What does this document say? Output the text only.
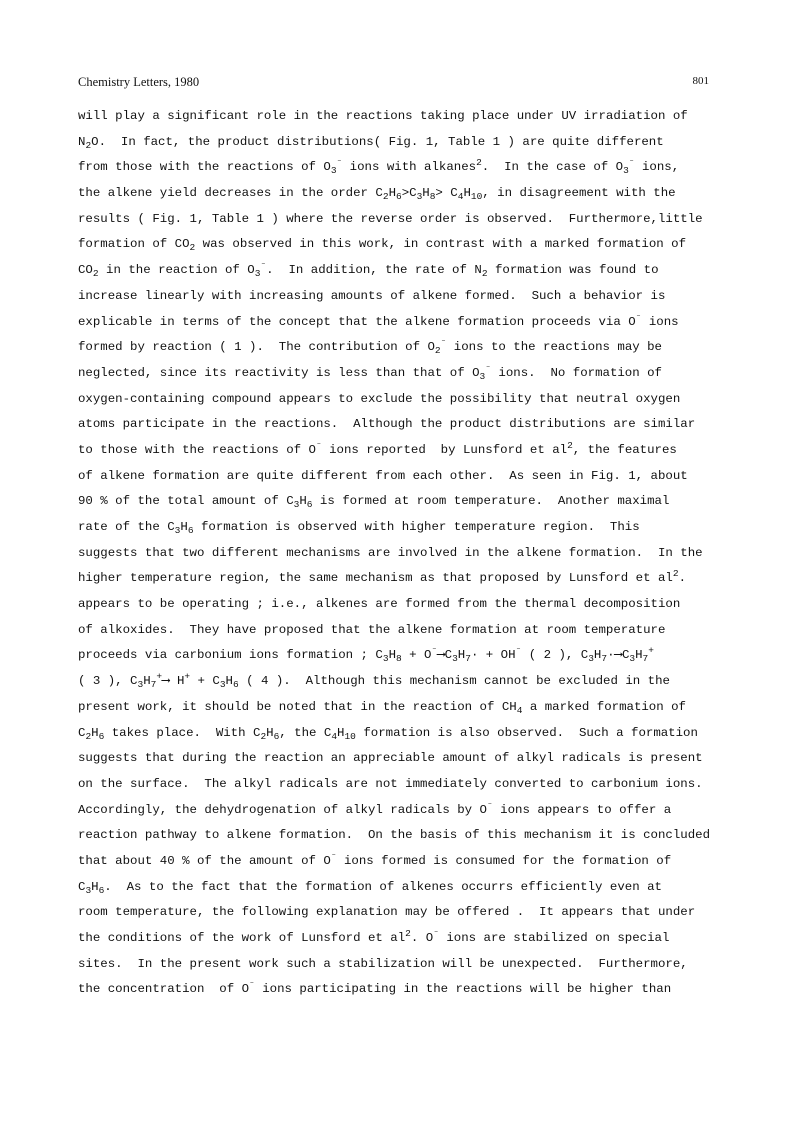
Chemistry Letters, 1980	801
will play a significant role in the reactions taking place under UV irradiation of
$N_2O$.  In fact, the product distributions( Fig. 1, Table 1 ) are quite different
from those with the reactions of $O_3^{^-}$ ions with alkanes$^2$.  In the case of $O_3^{^-}$ ions,
the alkene yield decreases in the order $C_2H_6>C_3H_8> C_4H_{10}$, in disagreement with the
results ( Fig. 1, Table 1 ) where the reverse order is observed.  Furthermore,little
formation of $CO_2$ was observed in this work, in contrast with a marked formation of
$CO_2$ in the reaction of $O_3^{^-}$.  In addition, the rate of $N_2$ formation was found to
increase linearly with increasing amounts of alkene formed.  Such a behavior is
explicable in terms of the concept that the alkene formation proceeds via O⁻ ions
formed by reaction ( 1 ).  The contribution of $O_2^{^-}$ ions to the reactions may be
neglected, since its reactivity is less than that of $O_3^{^-}$ ions.  No formation of
oxygen-containing compound appears to exclude the possibility that neutral oxygen
atoms participate in the reactions.  Although the product distributions are similar
to those with the reactions of O⁻ ions reported  by Lunsford et $al^2$, the features
of alkene formation are quite different from each other.  As seen in Fig. 1, about
90 % of the total amount of $C_3H_6$ is formed at room temperature.  Another maximal
rate of the $C_3H_6$ formation is observed with higher temperature region.  This
suggests that two different mechanisms are involved in the alkene formation.  In the
higher temperature region, the same mechanism as that proposed by Lunsford et $al^2$.
appears to be operating ; i.e., alkenes are formed from the thermal decomposition
of alkoxides.  They have proposed that the alkene formation at room temperature
proceeds via carbonium ions formation ; $C_3H_8$ + $O^{^-}⟶C_3H_7\cdot + OH^{^-}$ ( 2 ), $C_3H_7\cdot⟶C_3H_7^+$
( 3 ), $C_3H_7^+⟶$ $H^+ + C_3H_6$ ( 4 ).  Although this mechanism cannot be excluded in the
present work, it should be noted that in the reaction of $CH_4$ a marked formation of
$C_2H_6$ takes place.  With $C_2H_6$, the $C_4H_{10}$ formation is also observed.  Such a formation
suggests that during the reaction an appreciable amount of alkyl radicals is present
on the surface.  The alkyl radicals are not immediately converted to carbonium ions.
Accordingly, the dehydrogenation of alkyl radicals by O⁻ ions appears to offer a
reaction pathway to alkene formation.  On the basis of this mechanism it is concluded
that about 40 % of the amount of O⁻ ions formed is consumed for the formation of
$C_3H_6$.  As to the fact that the formation of alkenes occurrs efficiently even at
room temperature, the following explanation may be offered .  It appears that under
the conditions of the work of Lunsford et $al^2$. O⁻ ions are stabilized on special
sites.  In the present work such a stabilization will be unexpected.  Furthermore,
the concentration  of O⁻ ions participating in the reactions will be higher than
